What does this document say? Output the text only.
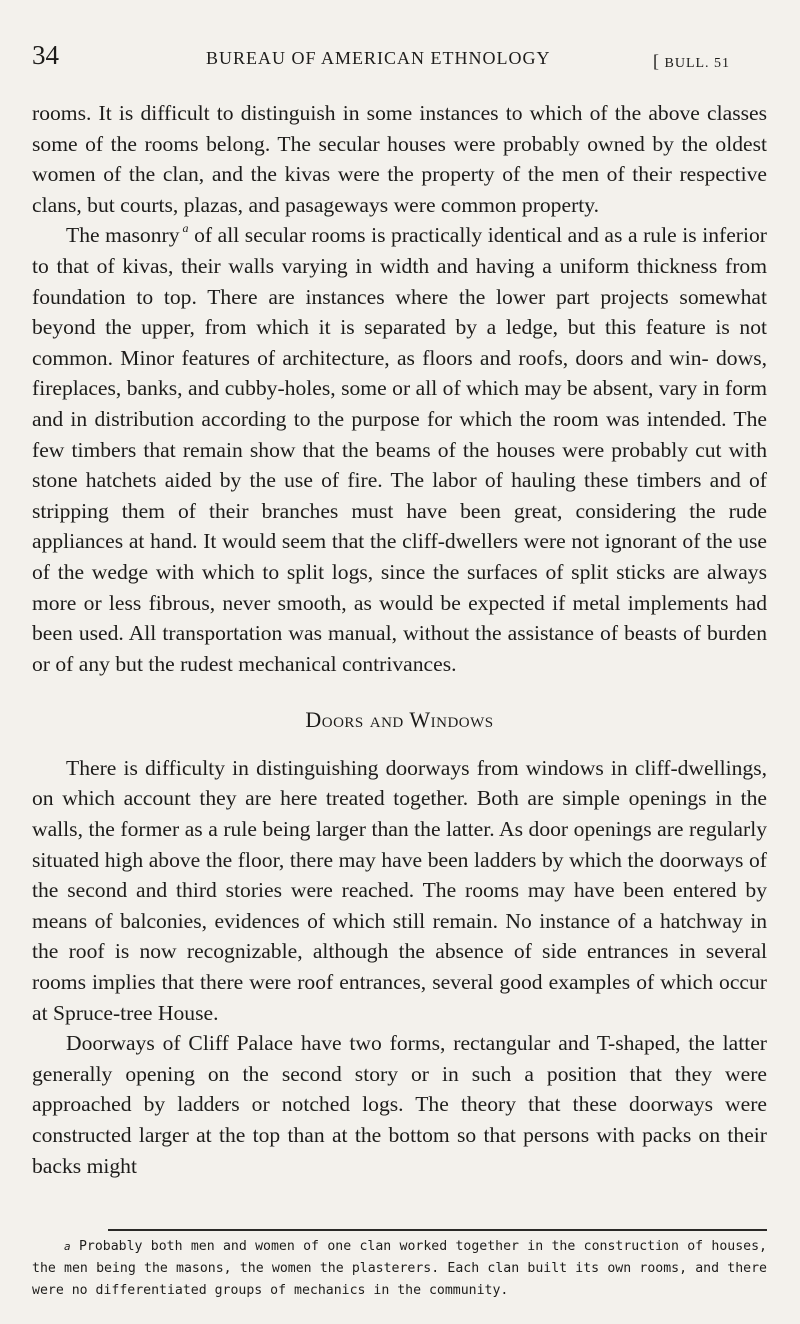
34	BUREAU OF AMERICAN ETHNOLOGY	[ BULL. 51

rooms. It is difficult to distinguish in some instances to which of the above classes some of the rooms belong. The secular houses were probably owned by the oldest women of the clan, and the kivas were the property of the men of their respective clans, but courts, plazas, and pasageways were common property.

The masonry $^a$ of all secular rooms is practically identical and as a rule is inferior to that of kivas, their walls varying in width and having a uniform thickness from foundation to top. There are instances where the lower part projects somewhat beyond the upper, from which it is separated by a ledge, but this feature is not common. Minor features of architecture, as floors and roofs, doors and win- dows, fireplaces, banks, and cubby-holes, some or all of which may be absent, vary in form and in distribution according to the purpose for which the room was intended. The few timbers that remain show that the beams of the houses were probably cut with stone hatchets aided by the use of fire. The labor of hauling these timbers and of stripping them of their branches must have been great, considering the rude appliances at hand. It would seem that the cliff-dwellers were not ignorant of the use of the wedge with which to split logs, since the surfaces of split sticks are always more or less fibrous, never smooth, as would be expected if metal implements had been used. All transportation was manual, without the assistance of beasts of burden or of any but the rudest mechanical contrivances.

Doors and Windows

There is difficulty in distinguishing doorways from windows in cliff-dwellings, on which account they are here treated together. Both are simple openings in the walls, the former as a rule being larger than the latter. As door openings are regularly situated high above the floor, there may have been ladders by which the doorways of the second and third stories were reached. The rooms may have been entered by means of balconies, evidences of which still remain. No instance of a hatchway in the roof is now recognizable, although the absence of side entrances in several rooms implies that there were roof entrances, several good examples of which occur at Spruce-tree House.

Doorways of Cliff Palace have two forms, rectangular and T-shaped, the latter generally opening on the second story or in such a position that they were approached by ladders or notched logs. The theory that these doorways were constructed larger at the top than at the bottom so that persons with packs on their backs might

$^a$ Probably both men and women of one clan worked together in the construction of houses, the men being the masons, the women the plasterers. Each clan built its own rooms, and there were no differentiated groups of mechanics in the community.
